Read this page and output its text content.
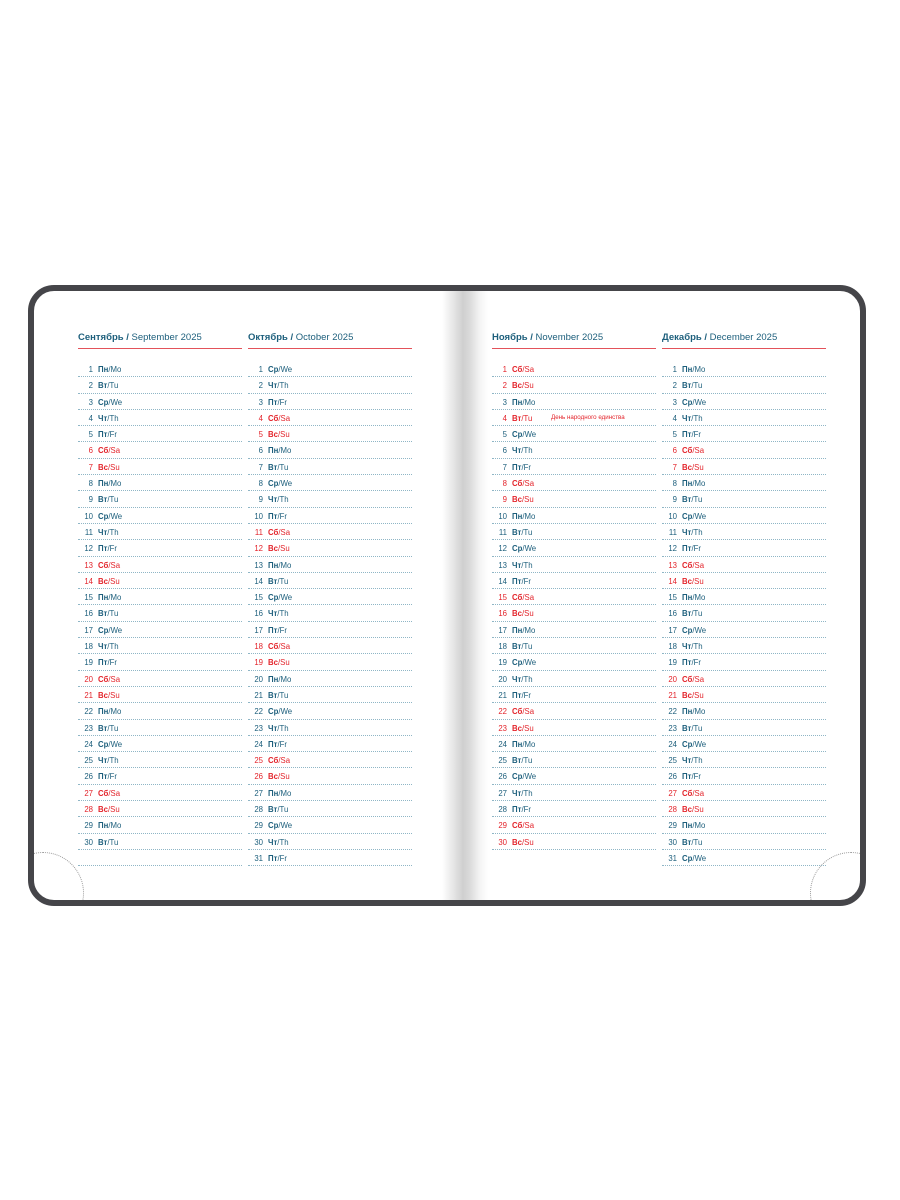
Сентябрь / September 2025
1 Пн/Mo
2 Вт/Tu
3 Ср/We
4 Чт/Th
5 Пт/Fr
6 Сб/Sa
7 Вс/Su
8 Пн/Mo
9 Вт/Tu
10 Ср/We
11 Чт/Th
12 Пт/Fr
13 Сб/Sa
14 Вс/Su
15 Пн/Mo
16 Вт/Tu
17 Ср/We
18 Чт/Th
19 Пт/Fr
20 Сб/Sa
21 Вс/Su
22 Пн/Mo
23 Вт/Tu
24 Ср/We
25 Чт/Th
26 Пт/Fr
27 Сб/Sa
28 Вс/Su
29 Пн/Mo
30 Вт/Tu
Октябрь / October 2025
1 Ср/We
2 Чт/Th
3 Пт/Fr
4 Сб/Sa
5 Вс/Su
6 Пн/Mo
7 Вт/Tu
8 Ср/We
9 Чт/Th
10 Пт/Fr
11 Сб/Sa
12 Вс/Su
13 Пн/Mo
14 Вт/Tu
15 Ср/We
16 Чт/Th
17 Пт/Fr
18 Сб/Sa
19 Вс/Su
20 Пн/Mo
21 Вт/Tu
22 Ср/We
23 Чт/Th
24 Пт/Fr
25 Сб/Sa
26 Вс/Su
27 Пн/Mo
28 Вт/Tu
29 Ср/We
30 Чт/Th
31 Пт/Fr
Ноябрь / November 2025
1 Сб/Sa
2 Вс/Su
3 Пн/Mo
4 Вт/Tu	День народного единства
5 Ср/We
6 Чт/Th
7 Пт/Fr
8 Сб/Sa
9 Вс/Su
10 Пн/Mo
11 Вт/Tu
12 Ср/We
13 Чт/Th
14 Пт/Fr
15 Сб/Sa
16 Вс/Su
17 Пн/Mo
18 Вт/Tu
19 Ср/We
20 Чт/Th
21 Пт/Fr
22 Сб/Sa
23 Вс/Su
24 Пн/Mo
25 Вт/Tu
26 Ср/We
27 Чт/Th
28 Пт/Fr
29 Сб/Sa
30 Вс/Su
Декабрь / December 2025
1 Пн/Mo
2 Вт/Tu
3 Ср/We
4 Чт/Th
5 Пт/Fr
6 Сб/Sa
7 Вс/Su
8 Пн/Mo
9 Вт/Tu
10 Ср/We
11 Чт/Th
12 Пт/Fr
13 Сб/Sa
14 Вс/Su
15 Пн/Mo
16 Вт/Tu
17 Ср/We
18 Чт/Th
19 Пт/Fr
20 Сб/Sa
21 Вс/Su
22 Пн/Mo
23 Вт/Tu
24 Ср/We
25 Чт/Th
26 Пт/Fr
27 Сб/Sa
28 Вс/Su
29 Пн/Mo
30 Вт/Tu
31 Ср/We
